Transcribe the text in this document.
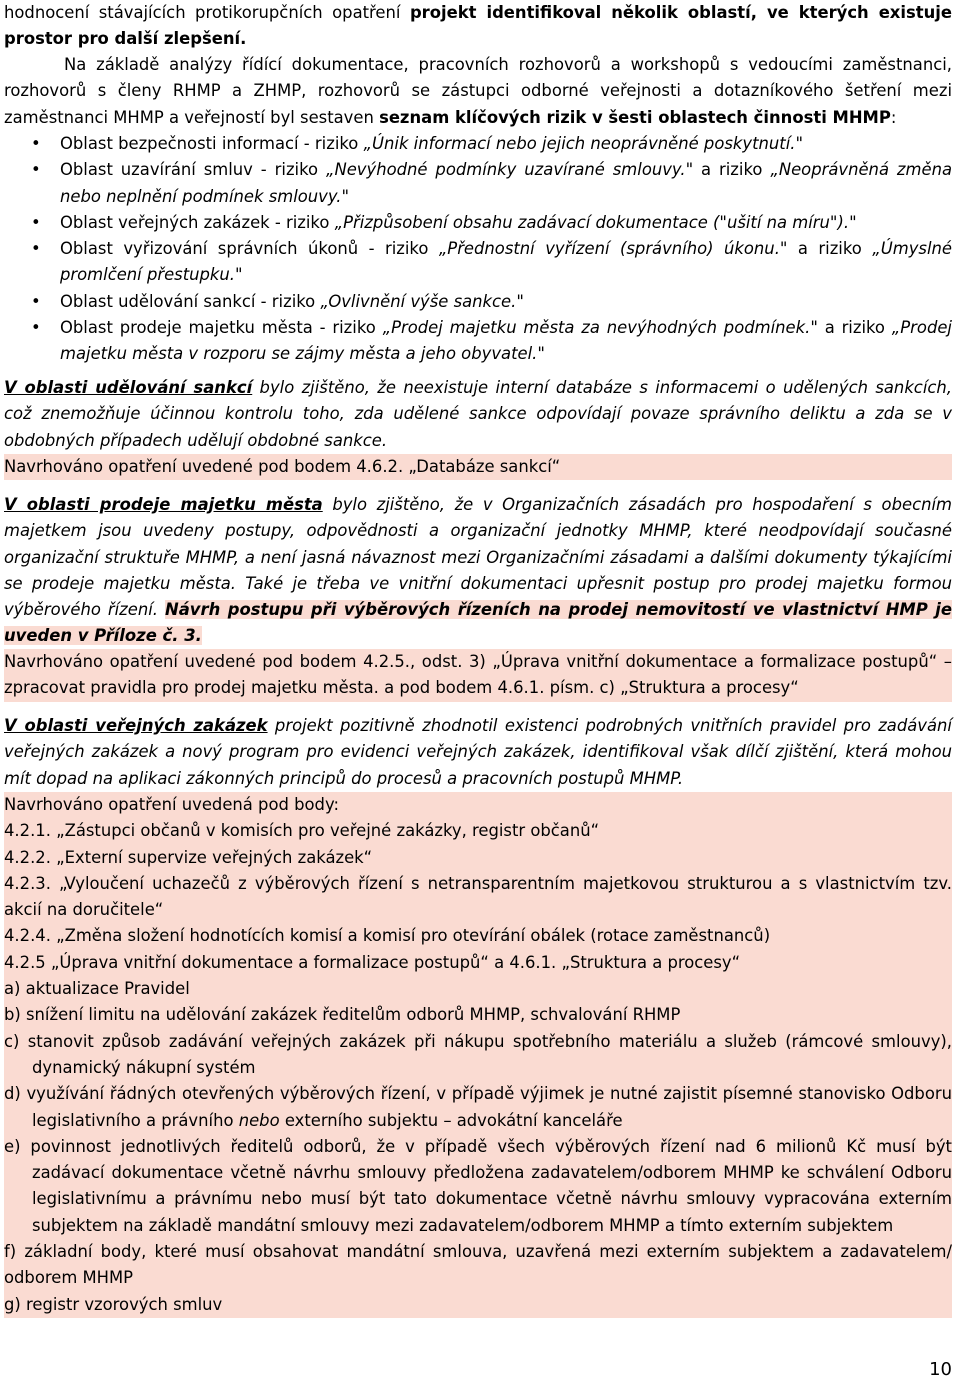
hodnocení stávajících protikorupčních opatření projekt identifikoval několik oblastí, ve kterých existuje prostor pro další zlepšení.

Na základě analýzy řídící dokumentace, pracovních rozhovorů a workshopů s vedoucími zaměstnanci, rozhovorů s členy RHMP a ZHMP, rozhovorů se zástupci odborné veřejnosti a dotazníkového šetření mezi zaměstnanci MHMP a veřejností byl sestaven seznam klíčových rizik v šesti oblastech činnosti MHMP:

• Oblast bezpečnosti informací - riziko „Únik informací nebo jejich neoprávněné poskytnutí."
• Oblast uzavírání smluv - riziko „Nevýhodné podmínky uzavírané smlouvy." a riziko „Neoprávněná změna nebo neplnění podmínek smlouvy."
• Oblast veřejných zakázek - riziko „Přizpůsobení obsahu zadávací dokumentace ("ušití na míru")."
• Oblast vyřizování správních úkonů - riziko „Přednostní vyřízení (správního) úkonu." a riziko „Úmyslné promlčení přestupku."
• Oblast udělování sankcí - riziko „Ovlivnění výše sankce."
• Oblast prodeje majetku města - riziko „Prodej majetku města za nevýhodných podmínek." a riziko „Prodej majetku města v rozporu se zájmy města a jeho obyvatel."

V oblasti udělování sankcí bylo zjištěno, že neexistuje interní databáze s informacemi o udělených sankcích, což znemožňuje účinnou kontrolu toho, zda udělené sankce odpovídají povaze správního deliktu a zda se v obdobných případech udělují obdobné sankce.

Navrhováno opatření uvedené pod bodem 4.6.2. „Databáze sankcí“

V oblasti prodeje majetku města bylo zjištěno, že v Organizačních zásadách pro hospodaření s obecním majetkem jsou uvedeny postupy, odpovědnosti a organizační jednotky MHMP, které neodpovídají současné organizační struktuře MHMP, a není jasná návaznost mezi Organizačními zásadami a dalšími dokumenty týkajícími se prodeje majetku města. Také je třeba ve vnitřní dokumentaci upřesnit postup pro prodej majetku formou výběrového řízení. Návrh postupu při výběrových řízeních na prodej nemovitostí ve vlastnictví HMP je uveden v Příloze č. 3.

Navrhováno opatření uvedené pod bodem 4.2.5., odst. 3) „Úprava vnitřní dokumentace a formalizace postupů“ – zpracovat pravidla pro prodej majetku města. a pod bodem 4.6.1. písm. c) „Struktura a procesy“

V oblasti veřejných zakázek projekt pozitivně zhodnotil existenci podrobných vnitřních pravidel pro zadávání veřejných zakázek a nový program pro evidenci veřejných zakázek, identifikoval však dílčí zjištění, která mohou mít dopad na aplikaci zákonných principů do procesů a pracovních postupů MHMP.

Navrhováno opatření uvedená pod body:

4.2.1. „Zástupci občanů v komisích pro veřejné zakázky, registr občanů“

4.2.2. „Externí supervize veřejných zakázek“

4.2.3. „Vyloučení uchazečů z výběrových řízení s netransparentním majetkovou strukturou a s vlastnictvím tzv. akcií na doručitele“

4.2.4. „Změna složení hodnotících komisí a komisí pro otevírání obálek (rotace zaměstnanců)

4.2.5 „Úprava vnitřní dokumentace a formalizace postupů“ a 4.6.1. „Struktura a procesy“

a) aktualizace Pravidel

b) snížení limitu na udělování zakázek ředitelům odborů MHMP, schvalování RHMP

c) stanovit způsob zadávání veřejných zakázek při nákupu spotřebního materiálu a služeb (rámcové smlouvy), dynamický nákupní systém

d) využívání řádných otevřených výběrových řízení, v případě výjimek je nutné zajistit písemné stanovisko Odboru legislativního a právního nebo externího subjektu – advokátní kanceláře

e) povinnost jednotlivých ředitelů odborů, že v případě všech výběrových řízení nad 6 milionů Kč musí být zadávací dokumentace včetně návrhu smlouvy předložena zadavatelem/odborem MHMP ke schválení Odboru legislativnímu a právnímu nebo musí být tato dokumentace včetně návrhu smlouvy vypracována externím subjektem na základě mandátní smlouvy mezi zadavatelem/odborem MHMP a tímto externím subjektem

f) základní body, které musí obsahovat mandátní smlouva, uzavřená mezi externím subjektem a zadavatelem/ odborem MHMP

g) registr vzorových smluv

10
